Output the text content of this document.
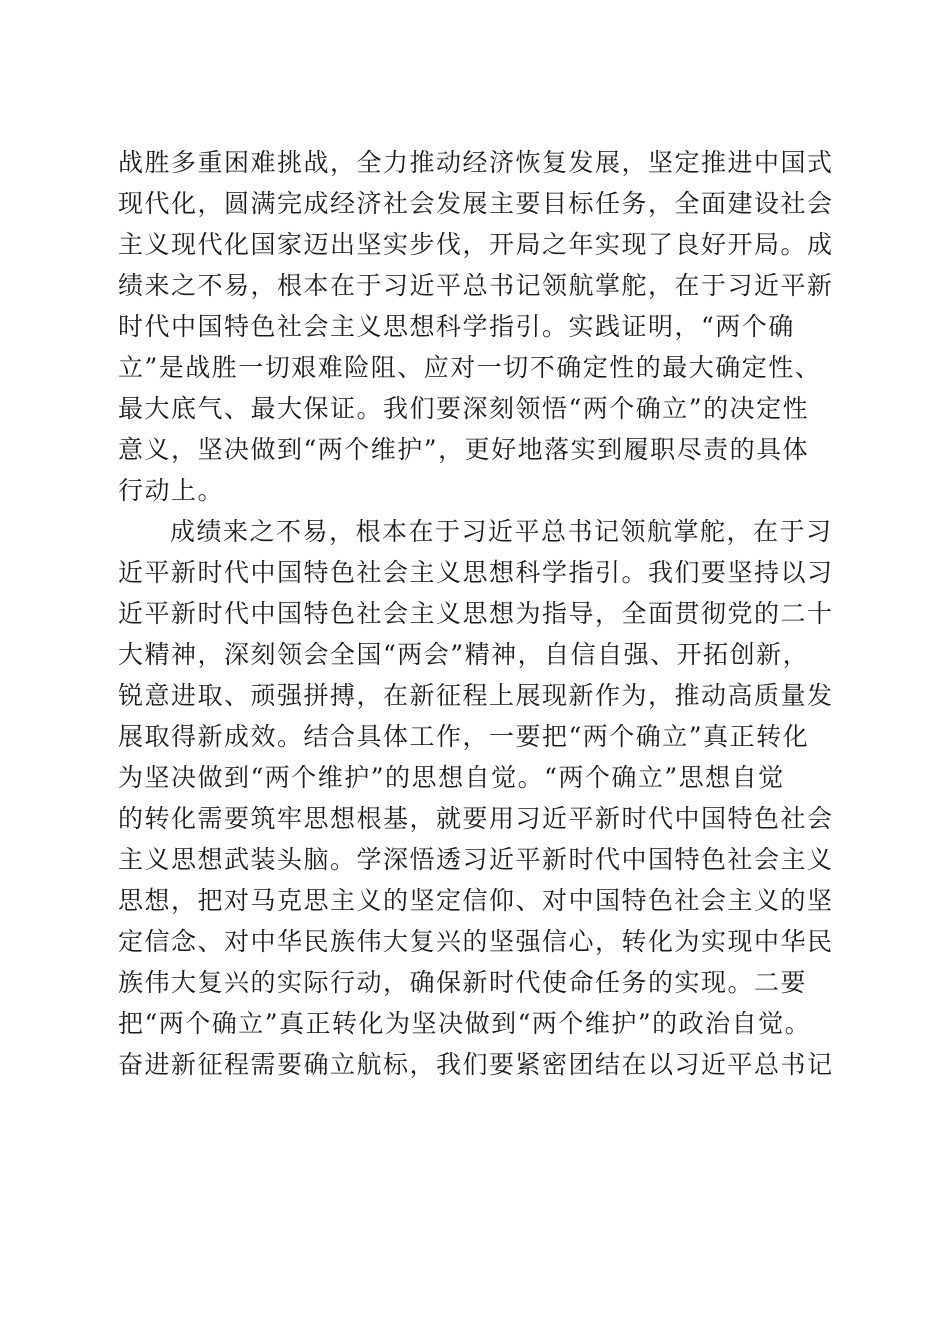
战胜多重困难挑战，全力推动经济恢复发展，坚定推进中国式
现代化，圆满完成经济社会发展主要目标任务，全面建设社会
主义现代化国家迈出坚实步伐，开局之年实现了良好开局。成
绩来之不易，根本在于习近平总书记领航掌舵，在于习近平新
时代中国特色社会主义思想科学指引。实践证明，“两个确
立”是战胜一切艰难险阻、应对一切不确定性的最大确定性、
最大底气、最大保证。我们要深刻领悟“两个确立”的决定性
意义，坚决做到“两个维护”，更好地落实到履职尽责的具体
行动上。
成绩来之不易，根本在于习近平总书记领航掌舵，在于习
近平新时代中国特色社会主义思想科学指引。我们要坚持以习
近平新时代中国特色社会主义思想为指导，全面贯彻党的二十
大精神，深刻领会全国“两会”精神，自信自强、开拓创新，
锐意进取、顽强拼搏，在新征程上展现新作为，推动高质量发
展取得新成效。结合具体工作，一要把“两个确立”真正转化
为坚决做到“两个维护”的思想自觉。“两个确立”思想自觉
的转化需要筑牢思想根基，就要用习近平新时代中国特色社会
主义思想武装头脑。学深悟透习近平新时代中国特色社会主义
思想，把对马克思主义的坚定信仰、对中国特色社会主义的坚
定信念、对中华民族伟大复兴的坚强信心，转化为实现中华民
族伟大复兴的实际行动，确保新时代使命任务的实现。二要
把“两个确立”真正转化为坚决做到“两个维护”的政治自觉。
奋进新征程需要确立航标，我们要紧密团结在以习近平总书记
